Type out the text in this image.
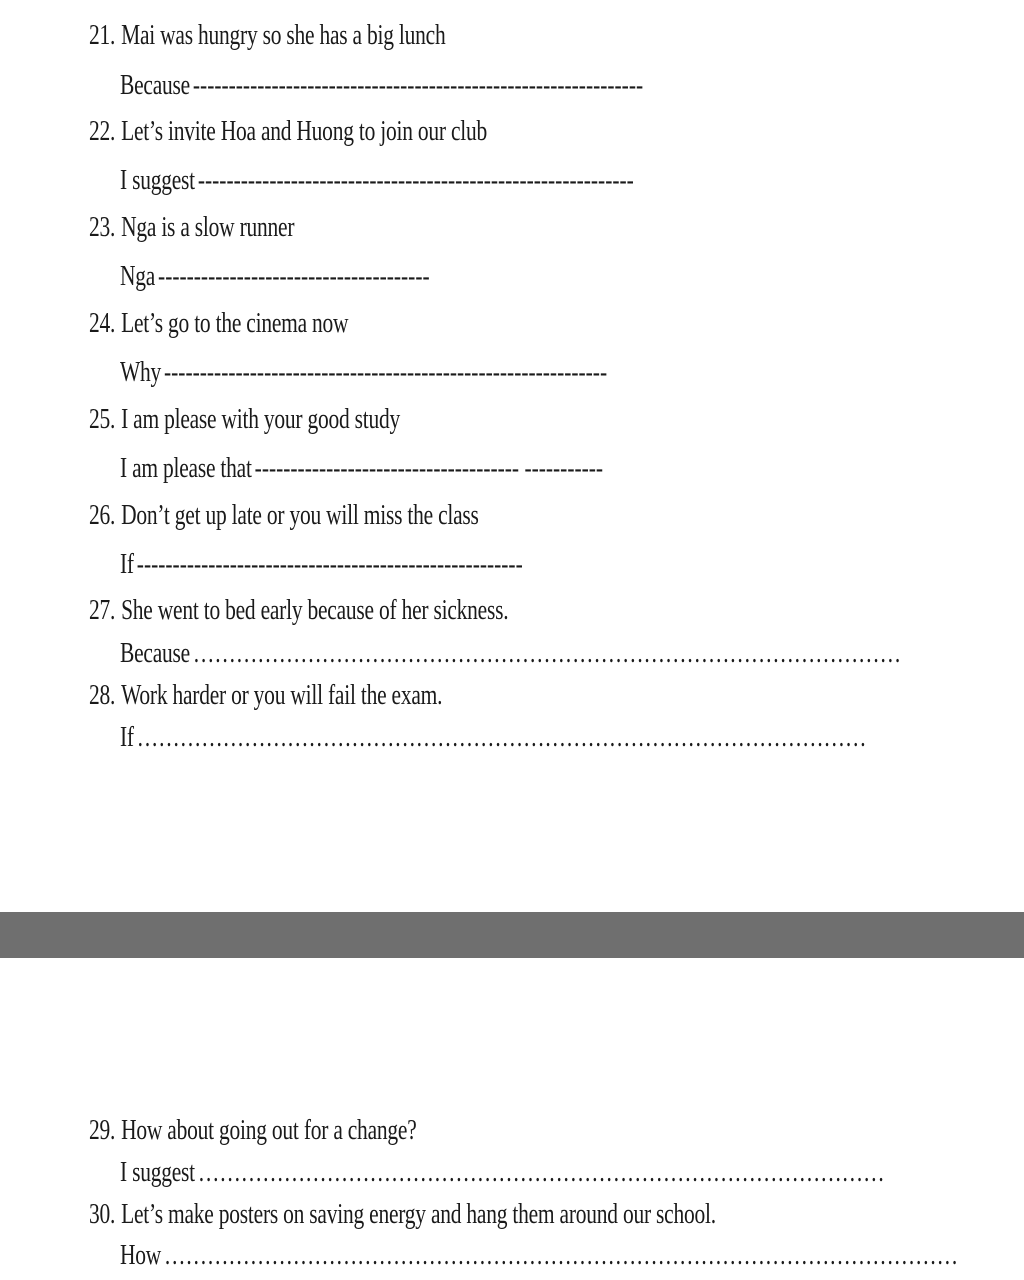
21. Mai was hungry so she has a big lunch
Because ---------------------------------------------------------------
22. Let’s invite Hoa and Huong to join our club
I suggest -------------------------------------------------------------
23. Nga is a slow runner
Nga --------------------------------------
24. Let’s go to the cinema now
Why --------------------------------------------------------------
25. I am please with your good study
I am please that ------------------------------------- -----------
26. Don’t get up late or you will miss the class
If ------------------------------------------------------
27. She went to bed early because of her sickness.
Because ………………………………………………………………………………………
28. Work harder or you will fail the exam.
If …………………………………………………………………………………………
29. How about going out for a change?
I suggest ……………………………………………………………………………………
30. Let’s make posters on saving energy and hang them around our school.
How …………………………………………………………………………………………………
